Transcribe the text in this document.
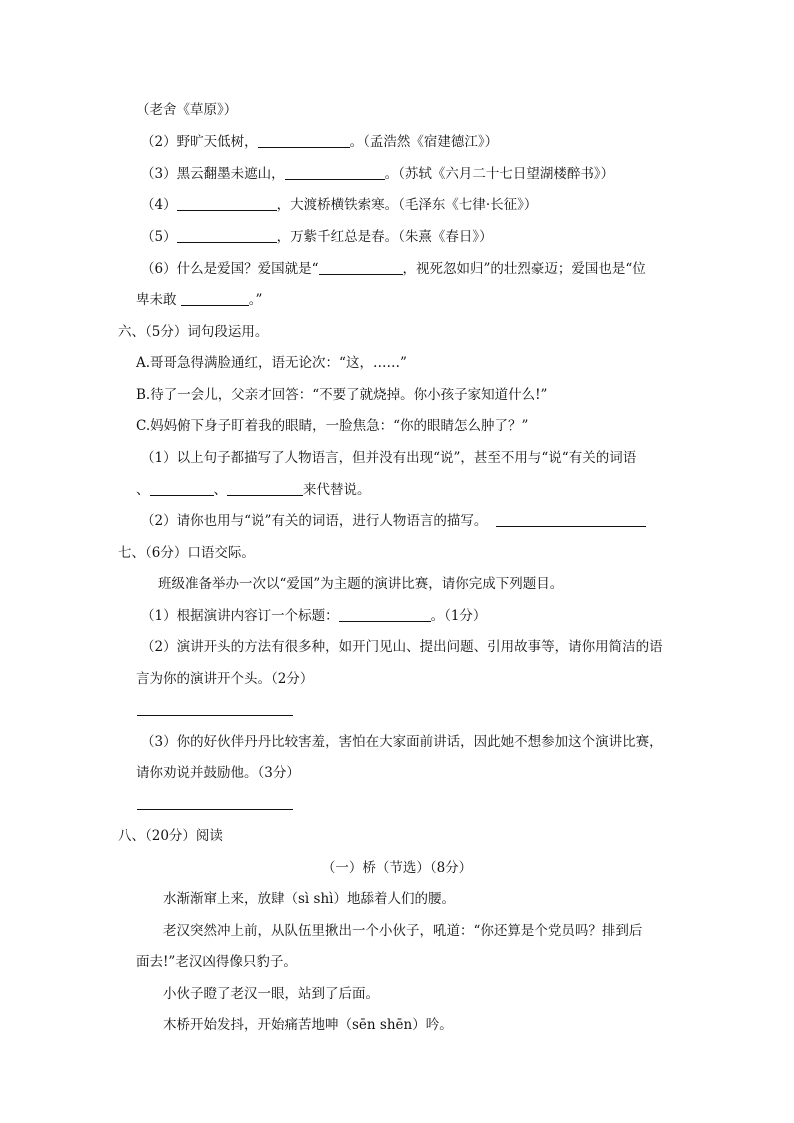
（老舍《草原》）
（2）野旷天低树，	。（孟浩然《宿建德江》）
（3）黑云翻墨未遮山，	。（苏轼《六月二十七日望湖楼醉书》）
（4）	，大渡桥横铁索寒。（毛泽东《七律·长征》）
（5）	，万紫千红总是春。（朱熹《春日》）
（6）什么是爱国？爱国就是“	，视死忽如归”的壮烈豪迈；爱国也是“位
卑未敢	。”
六、（5分）词句段运用。
A.哥哥急得满脸通红，语无论次：“这，……”
B.待了一会儿，父亲才回答：“不要了就烧掉。你小孩子家知道什么!”
C.妈妈俯下身子盯着我的眼睛，一脸焦急：“你的眼睛怎么肿了？”
（1）以上句子都描写了人物语言，但并没有出现“说”，甚至不用与“说“有关的词语
、	、	来代替说。
（2）请你也用与“说”有关的词语，进行人物语言的描写。
七、（6分）口语交际。
班级准备举办一次以“爱国”为主题的演讲比赛，请你完成下列题目。
（1）根据演讲内容订一个标题：	。（1分）
（2）演讲开头的方法有很多种，如开门见山、提出问题、引用故事等，请你用简洁的语
言为你的演讲开个头。（2分）
（3）你的好伙伴丹丹比较害羞，害怕在大家面前讲话，因此她不想参加这个演讲比赛，
请你劝说并鼓励他。（3分）
八、（20分）阅读
（一）桥（节选）（8分）
水渐渐窜上来，放肆（sì shì）地舔着人们的腰。
老汉突然冲上前，从队伍里揪出一个小伙子，吼道：“你还算是个党员吗？排到后
面去!”老汉凶得像只豹子。
小伙子瞪了老汉一眼，站到了后面。
木桥开始发抖，开始痛苦地呻（sēn shēn）吟。
